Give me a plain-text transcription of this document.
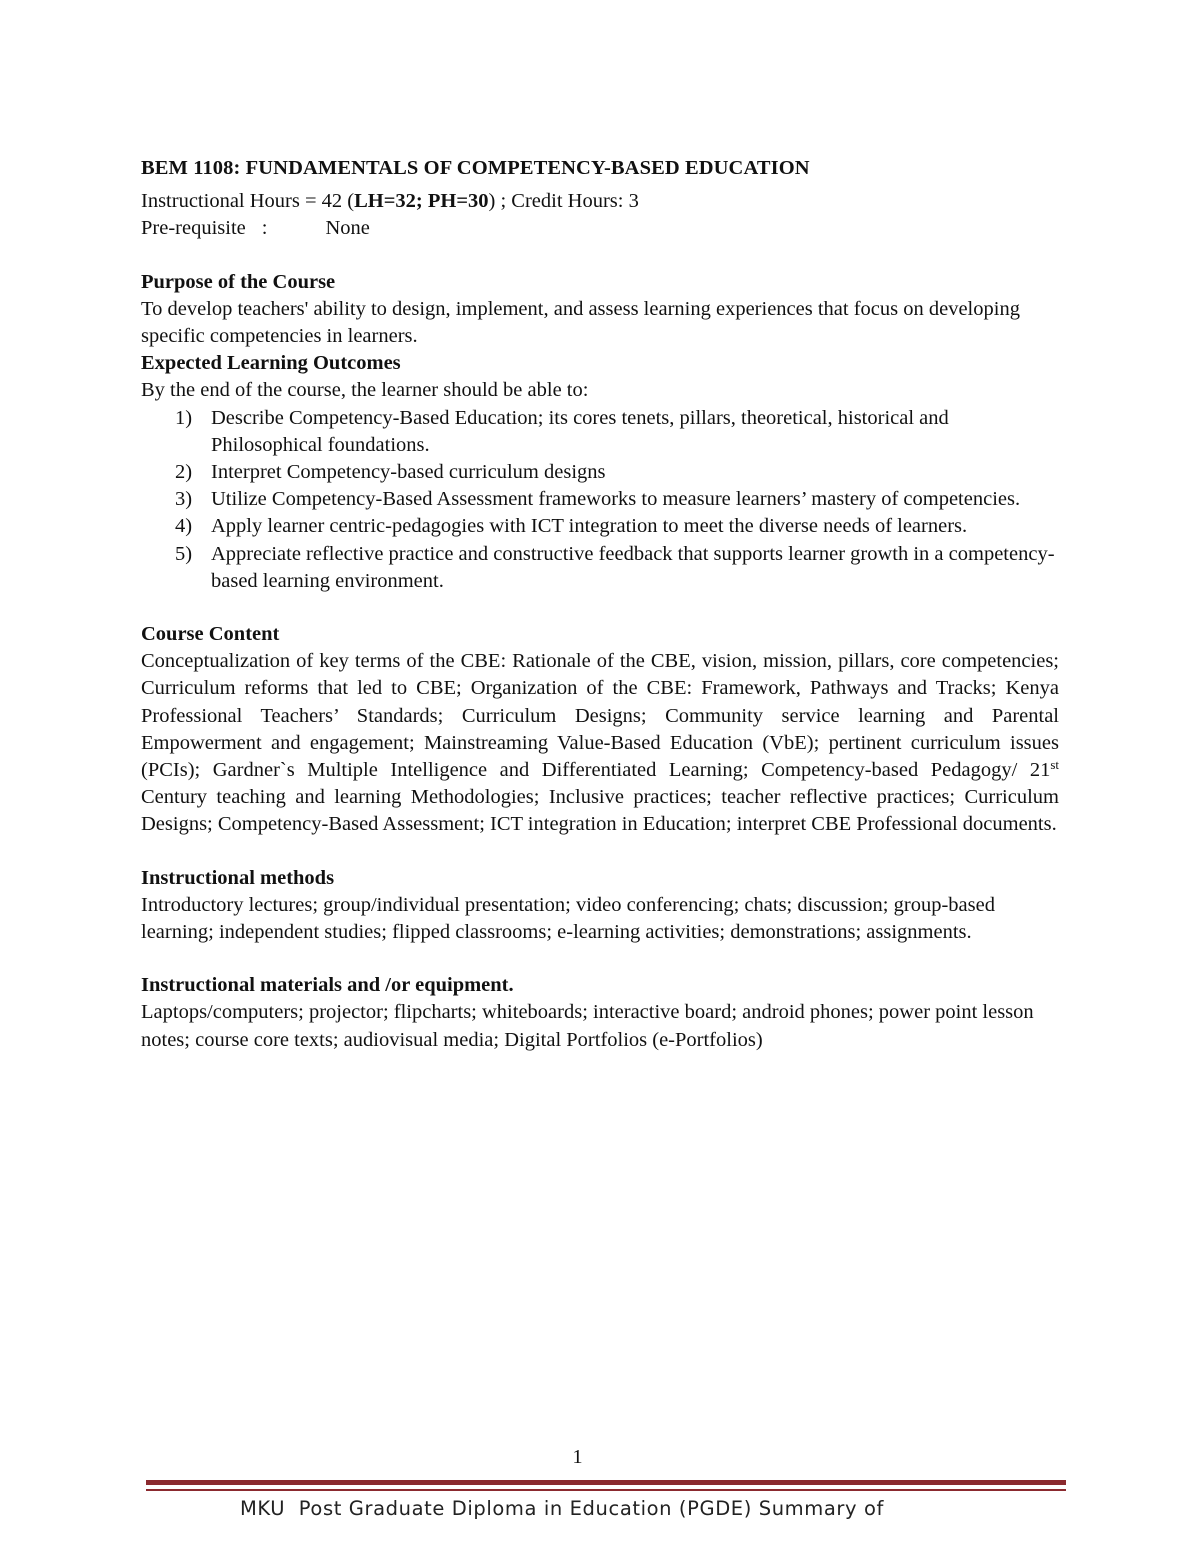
BEM 1108: FUNDAMENTALS OF COMPETENCY-BASED EDUCATION

Instructional Hours = 42 (LH=32; PH=30) ; Credit Hours: 3

Pre-requisite :	None

Purpose of the Course

To develop teachers' ability to design, implement, and assess learning experiences that focus on developing specific competencies in learners.

Expected Learning Outcomes

By the end of the course, the learner should be able to:

1) Describe Competency-Based Education; its cores tenets, pillars, theoretical, historical and Philosophical foundations.
2) Interpret Competency-based curriculum designs
3) Utilize Competency-Based Assessment frameworks to measure learners’ mastery of competencies.
4) Apply learner centric-pedagogies with ICT integration to meet the diverse needs of learners.
5) Appreciate reflective practice and constructive feedback that supports learner growth in a competency-based learning environment.

Course Content

Conceptualization of key terms of the CBE: Rationale of the CBE, vision, mission, pillars, core competencies; Curriculum reforms that led to CBE; Organization of the CBE: Framework, Pathways and Tracks; Kenya Professional Teachers’ Standards; Curriculum Designs; Community service learning and Parental Empowerment and engagement; Mainstreaming Value-Based Education (VbE); pertinent curriculum issues (PCIs); Gardner`s Multiple Intelligence and Differentiated Learning; Competency-based Pedagogy/ 21st Century teaching and learning Methodologies; Inclusive practices; teacher reflective practices; Curriculum Designs; Competency-Based Assessment; ICT integration in Education; interpret CBE Professional documents.

Instructional methods

Introductory lectures; group/individual presentation; video conferencing; chats; discussion; group-based learning; independent studies; flipped classrooms; e-learning activities; demonstrations; assignments.

Instructional materials and /or equipment.

Laptops/computers; projector; flipcharts; whiteboards; interactive board; android phones; power point lesson notes; course core texts; audiovisual media; Digital Portfolios (e-Portfolios)

1
MKU  Post Graduate Diploma in Education (PGDE) Summary of
